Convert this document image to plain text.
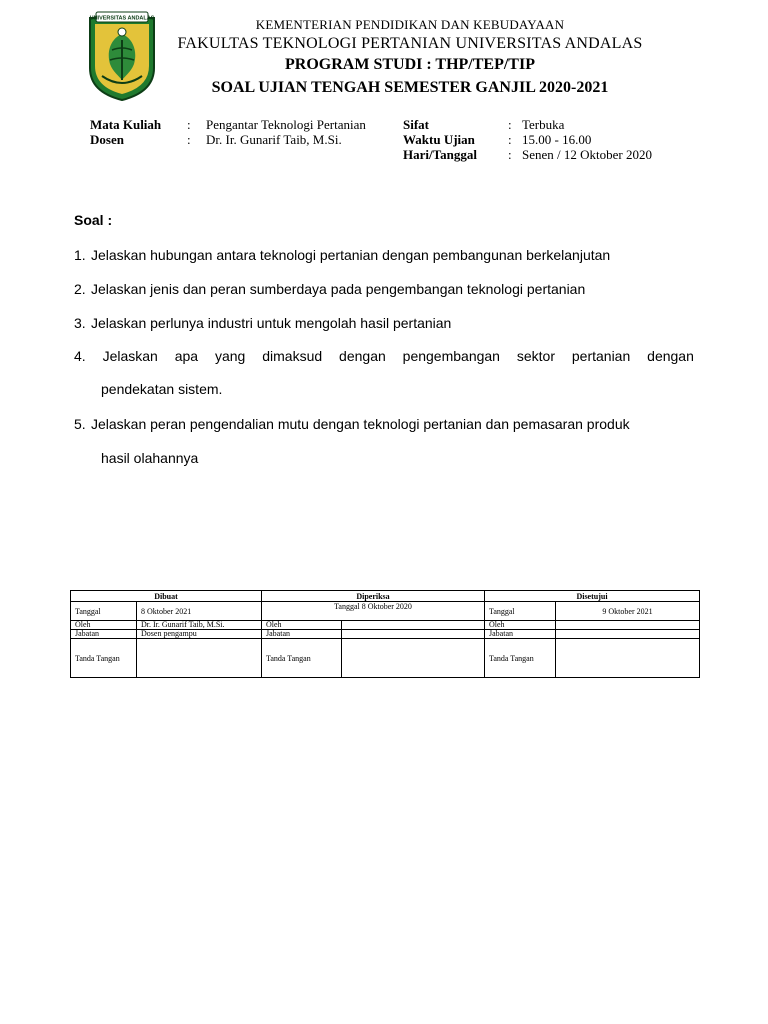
UNIVERSITAS ANDALAS	KEMENTERIAN PENDIDIKAN DAN KEBUDAYAAN
FAKULTAS TEKNOLOGI PERTANIAN UNIVERSITAS ANDALAS
PROGRAM STUDI : THP/TEP/TIP
SOAL UJIAN TENGAH SEMESTER GANJIL 2020-2021
Mata Kuliah : Pengantar Teknologi Pertanian
Dosen	: Dr. Ir. Gunarif Taib, M.Si.
Sifat	: Terbuka
Waktu Ujian	: 15.00 - 16.00
Hari/Tanggal : Senen / 12 Oktober 2020
Soal :
1. Jelaskan hubungan antara teknologi pertanian dengan pembangunan berkelanjutan
2. Jelaskan jenis dan peran sumberdaya pada pengembangan teknologi pertanian
3. Jelaskan perlunya industri untuk mengolah hasil pertanian
4. Jelaskan apa yang dimaksud dengan pengembangan sektor pertanian dengan
pendekatan sistem.
5. Jelaskan peran pengendalian mutu dengan teknologi pertanian dan pemasaran produk
hasil olahannya
Dibuat		Diperiksa		Disetujui	
Tanggal	8 Oktober 2021	Tanggal 8 Oktober 2020		Tanggal	9 Oktober 2021
Oleh	Dr. Ir. Gunarif Taib, M.Si.	Oleh		Oleh	
Jabatan	Dosen pengampu	Jabatan		Jabatan	
Tanda Tangan		Tanda Tangan		Tanda Tangan	
